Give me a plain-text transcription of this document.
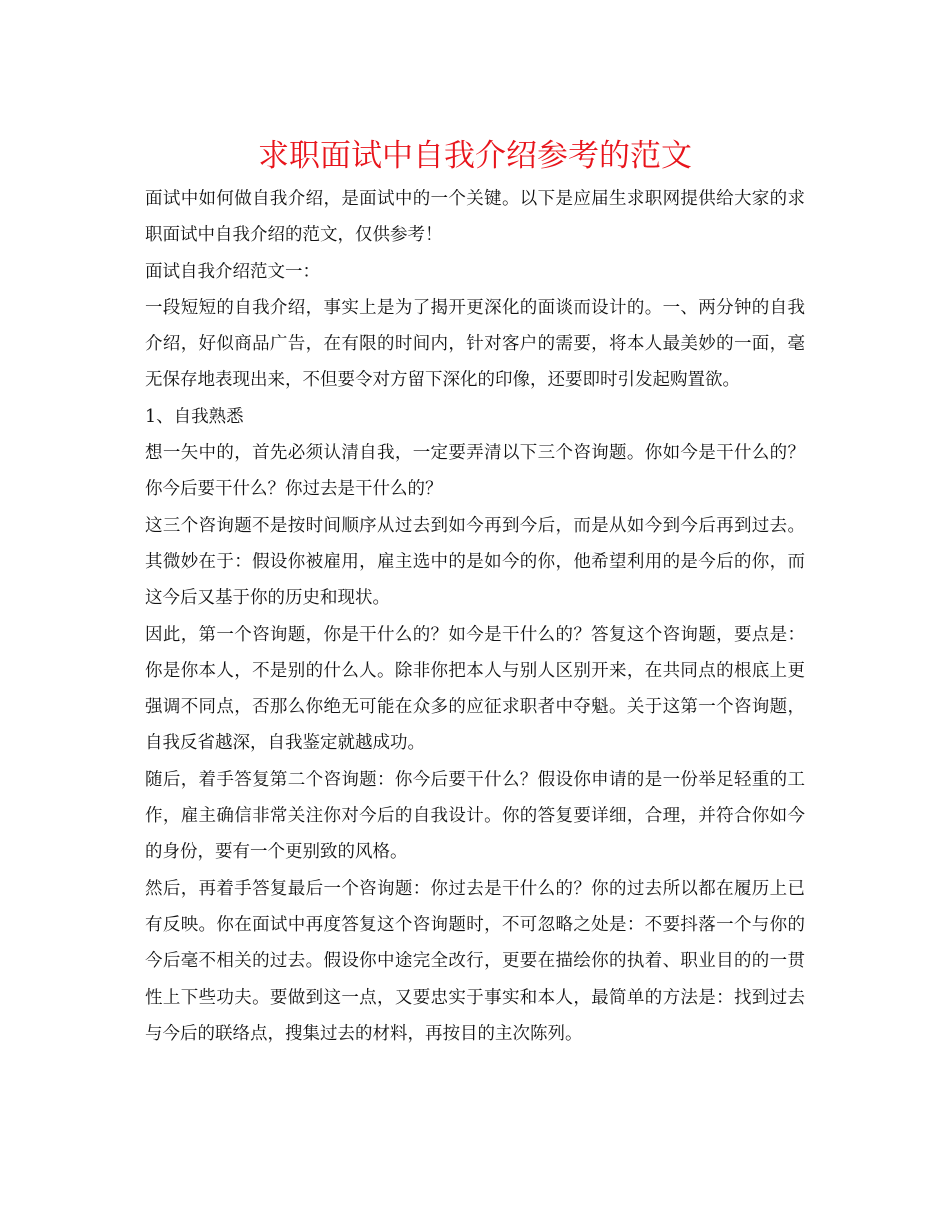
求职面试中自我介绍参考的范文

面试中如何做自我介绍，是面试中的一个关键。以下是应届生求职网提供给大家的求职面试中自我介绍的范文，仅供参考！

面试自我介绍范文一：

一段短短的自我介绍，事实上是为了揭开更深化的面谈而设计的。一、两分钟的自我介绍，好似商品广告，在有限的时间内，针对客户的需要，将本人最美妙的一面，毫无保存地表现出来，不但要令对方留下深化的印像，还要即时引发起购置欲。

1、自我熟悉

想一矢中的，首先必须认清自我，一定要弄清以下三个咨询题。你如今是干什么的？你今后要干什么？你过去是干什么的？

这三个咨询题不是按时间顺序从过去到如今再到今后，而是从如今到今后再到过去。其微妙在于：假设你被雇用，雇主选中的是如今的你，他希望利用的是今后的你，而这今后又基于你的历史和现状。

因此，第一个咨询题，你是干什么的？如今是干什么的？答复这个咨询题，要点是：你是你本人，不是别的什么人。除非你把本人与别人区别开来，在共同点的根底上更强调不同点，否那么你绝无可能在众多的应征求职者中夺魁。关于这第一个咨询题，自我反省越深，自我鉴定就越成功。

随后，着手答复第二个咨询题：你今后要干什么？假设你申请的是一份举足轻重的工作，雇主确信非常关注你对今后的自我设计。你的答复要详细，合理，并符合你如今的身份，要有一个更别致的风格。

然后，再着手答复最后一个咨询题：你过去是干什么的？你的过去所以都在履历上已有反映。你在面试中再度答复这个咨询题时，不可忽略之处是：不要抖落一个与你的今后毫不相关的过去。假设你中途完全改行，更要在描绘你的执着、职业目的的一贯性上下些功夫。要做到这一点，又要忠实于事实和本人，最简单的方法是：找到过去与今后的联络点，搜集过去的材料，再按目的主次陈列。
